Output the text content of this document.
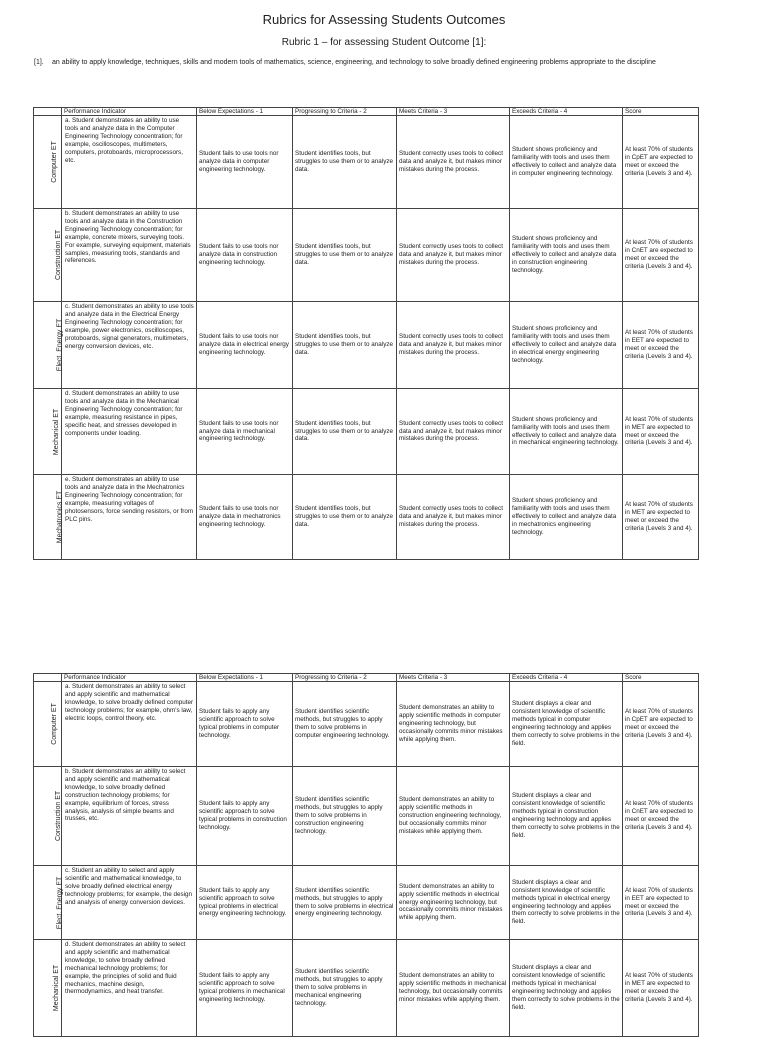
Rubrics for Assessing Students Outcomes
Rubric 1 – for assessing Student Outcome [1]:
[1].	an ability to apply knowledge, techniques, skills and modern tools of mathematics, science, engineering, and technology to solve broadly defined engineering problems appropriate to the discipline
	Performance Indicator	Below Expectations - 1	Progressing to Criteria - 2	Meets Criteria - 3	Exceeds Criteria - 4	Score
Computer ET	a. Student demonstrates an ability to use tools and analyze data in the Computer Engineering Technology concentration; for example, oscilloscopes, multimeters, computers, protoboards, microprocessors, etc.	Student fails to use tools nor analyze data in computer engineering technology.	Student identifies tools, but struggles to use them or to analyze data.	Student correctly uses tools to collect data and analyze it, but makes minor mistakes during the process.	Student shows proficiency and familiarity with tools and uses them effectively to collect and analyze data in computer engineering technology.	At least 70% of students in CpET are expected to meet or exceed the criteria (Levels 3 and 4).
Construction ET	b. Student demonstrates an ability to use tools and analyze data in the Construction Engineering Technology concentration; for example, concrete mixers, surveying tools. For example, surveying equipment, materials samples, measuring tools, standards and references.	Student fails to use tools nor analyze data in construction engineering technology.	Student identifies tools, but struggles to use them or to analyze data.	Student correctly uses tools to collect data and analyze it, but makes minor mistakes during the process.	Student shows proficiency and familiarity with tools and uses them effectively to collect and analyze data in construction engineering technology.	At least 70% of students in CnET are expected to meet or exceed the criteria (Levels 3 and 4).
Elect. Energy ET	c. Student demonstrates an ability to use tools and analyze data in the Electrical Energy Engineering Technology concentration; for example, power electronics, oscilloscopes, protoboards, signal generators, multimeters, energy conversion devices, etc.	Student fails to use tools nor analyze data in electrical energy engineering technology.	Student identifies tools, but struggles to use them or to analyze data.	Student correctly uses tools to collect data and analyze it, but makes minor mistakes during the process.	Student shows proficiency and familiarity with tools and uses them effectively to collect and analyze data in electrical energy engineering technology.	At least 70% of students in EET are expected to meet or exceed the criteria (Levels 3 and 4).
Mechanical ET	d. Student demonstrates an ability to use tools and analyze data in the Mechanical Engineering Technology concentration; for example, measuring resistance in pipes, specific heat, and stresses developed in components under loading.	Student fails to use tools nor analyze data in mechanical engineering technology.	Student identifies tools, but struggles to use them or to analyze data.	Student correctly uses tools to collect data and analyze it, but makes minor mistakes during the process.	Student shows proficiency and familiarity with tools and uses them effectively to collect and analyze data in mechanical engineering technology.	At least 70% of students in MET are expected to meet or exceed the criteria (Levels 3 and 4).
Mechatronics ET	e. Student demonstrates an ability to use tools and analyze data in the Mechatronics Engineering Technology concentration; for example, measuring voltages of photosensors, force sending resistors, or from PLC pins.	Student fails to use tools nor analyze data in mechatronics engineering technology.	Student identifies tools, but struggles to use them or to analyze data.	Student correctly uses tools to collect data and analyze it, but makes minor mistakes during the process.	Student shows proficiency and familiarity with tools and uses them effectively to collect and analyze data in mechatronics engineering technology.	At least 70% of students in MET are expected to meet or exceed the criteria (Levels 3 and 4).
	Performance Indicator	Below Expectations - 1	Progressing to Criteria - 2	Meets Criteria - 3	Exceeds Criteria - 4	Score
Computer ET	a. Student demonstrates an ability to select and apply scientific and mathematical knowledge, to solve broadly defined computer technology problems; for example, ohm's law, electric loops, control theory, etc.	Student fails to apply any scientific approach to solve typical problems in computer technology.	Student identifies scientific methods, but struggles to apply them to solve problems in computer engineering technology.	Student demonstrates an ability to apply scientific methods in computer engineering technology, but occasionally commits minor mistakes while applying them.	Student displays a clear and consistent knowledge of scientific methods typical in computer engineering technology and applies them correctly to solve problems in the field.	At least 70% of students in CpET are expected to meet or exceed the criteria (Levels 3 and 4).
Construction ET	b. Student demonstrates an ability to select and apply scientific and mathematical knowledge, to solve broadly defined construction technology problems; for example, equilibrium of forces, stress analysis, analysis of simple beams and trusses, etc.	Student fails to apply any scientific approach to solve typical problems in construction technology.	Student identifies scientific methods, but struggles to apply them to solve problems in construction engineering technology.	Student demonstrates an ability to apply scientific methods in construction engineering technology, but occasionally commits minor mistakes while applying them.	Student displays a clear and consistent knowledge of scientific methods typical in construction engineering technology and applies them correctly to solve problems in the field.	At least 70% of students in CnET are expected to meet or exceed the criteria (Levels 3 and 4).
Elect. Energy ET	c. Student an ability to select and apply scientific and mathematical knowledge, to solve broadly defined electrical energy technology problems; for example, the design and analysis of energy conversion devices.	Student fails to apply any scientific approach to solve typical problems in electrical energy engineering technology.	Student identifies scientific methods, but struggles to apply them to solve problems in electrical energy engineering technology.	Student demonstrates an ability to apply scientific methods in electrical energy engineering technology, but occasionally commits minor mistakes while applying them.	Student displays a clear and consistent knowledge of scientific methods typical in electrical energy engineering technology and applies them correctly to solve problems in the field.	At least 70% of students in EET are expected to meet or exceed the criteria (Levels 3 and 4).
Mechanical ET	d. Student demonstrates an ability to select and apply scientific and mathematical knowledge, to solve broadly defined mechanical technology problems; for example, the principles of solid and fluid mechanics, machine design, thermodynamics, and heat transfer.	Student fails to apply any scientific approach to solve typical problems in mechanical engineering technology.	Student identifies scientific methods, but struggles to apply them to solve problems in mechanical engineering technology.	Student demonstrates an ability to apply scientific methods in mechanical technology, but occasionally commits minor mistakes while applying them.	Student displays a clear and consistent knowledge of scientific methods typical in mechanical engineering technology and applies them correctly to solve problems in the field.	At least 70% of students in MET are expected to meet or exceed the criteria (Levels 3 and 4).
